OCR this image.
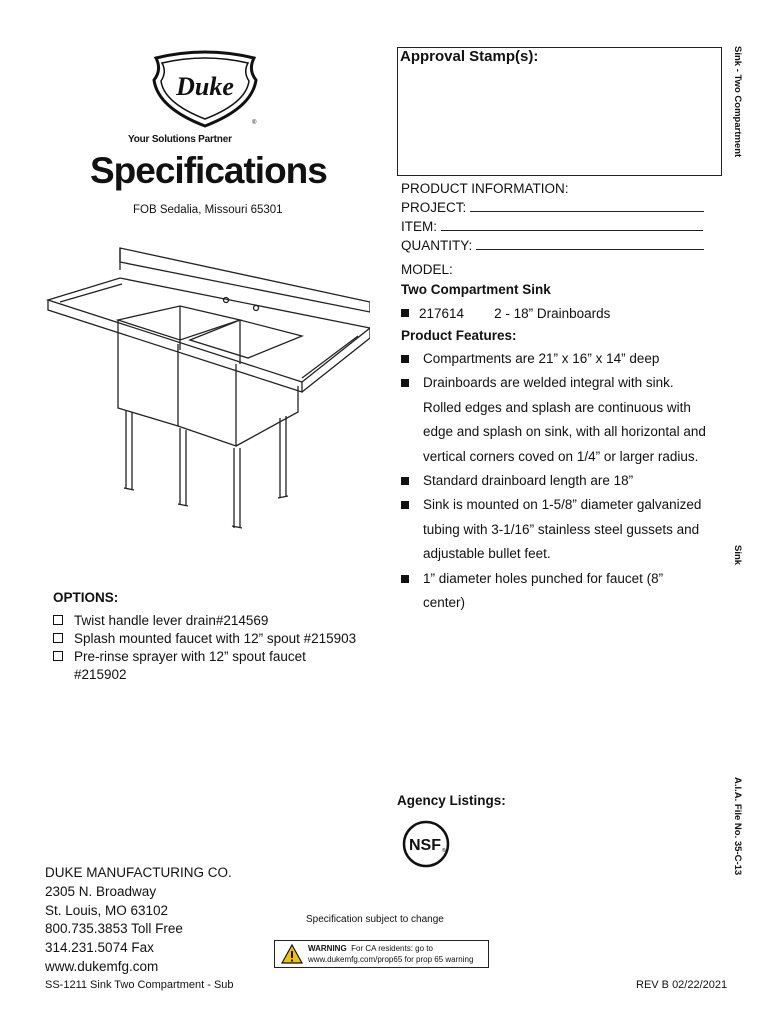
Duke
®
Your Solutions Partner
Specifications
FOB Sedalia, Missouri 65301
Approval Stamp(s):	Sink - Two Compartment
Sink
A.I.A. File No. 35-C-13
PRODUCT INFORMATION:
PROJECT:
ITEM:
QUANTITY:
MODEL:
Two Compartment Sink
217614 2 - 18” Drainboards
Product Features:
Compartments are 21” x 16” x 14” deep
Drainboards are welded integral with sink. Rolled edges and splash are continuous with edge and splash on sink, with all horizontal and vertical corners coved on 1/4” or larger radius.
Standard drainboard length are 18”
Sink is mounted on 1-5/8” diameter galvanized tubing with 3-1/16” stainless steel gussets and adjustable bullet feet.
1” diameter holes punched for faucet (8” center)
OPTIONS:
Twist handle lever drain#214569
Splash mounted faucet with 12” spout #215903
Pre-rinse sprayer with 12” spout faucet #215902
Agency Listings:
NSF ®
DUKE MANUFACTURING CO.
2305 N. Broadway
St. Louis, MO 63102
800.735.3853 Toll Free
314.231.5074 Fax
www.dukemfg.com
Specification subject to change
WARNING For CA residents: go to
www.dukemfg.com/prop65 for prop 65 warning
SS-1211 Sink Two Compartment - Sub	REV B 02/22/2021
